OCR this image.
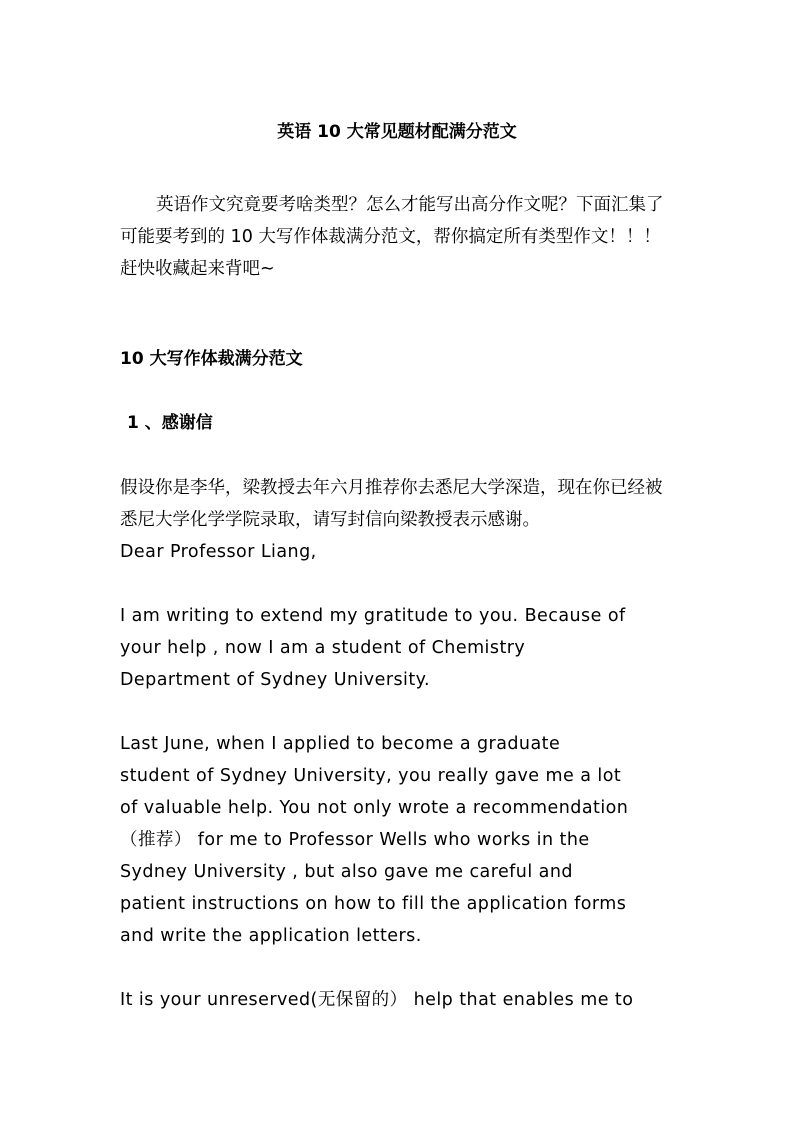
英语 10 大常见题材配满分范文

英语作文究竟要考啥类型？怎么才能写出高分作文呢？下面汇集了可能要考到的 10 大写作体裁满分范文，帮你搞定所有类型作文！！！赶快收藏起来背吧~

10 大写作体裁满分范文
1 、感谢信

假设你是李华，梁教授去年六月推荐你去悉尼大学深造，现在你已经被悉尼大学化学学院录取，请写封信向梁教授表示感谢。

Dear Professor Liang,
I am writing to extend my gratitude to you. Because of
your help , now I am a student of Chemistry
Department of Sydney University.
Last June, when I applied to become a graduate
student of Sydney University, you really gave me a lot
of valuable help. You not only wrote a recommendation
（推荐） for me to Professor Wells who works in the
Sydney University , but also gave me careful and
patient instructions on how to fill the application forms
and write the application letters.
It is your unreserved(无保留的） help that enables me to
